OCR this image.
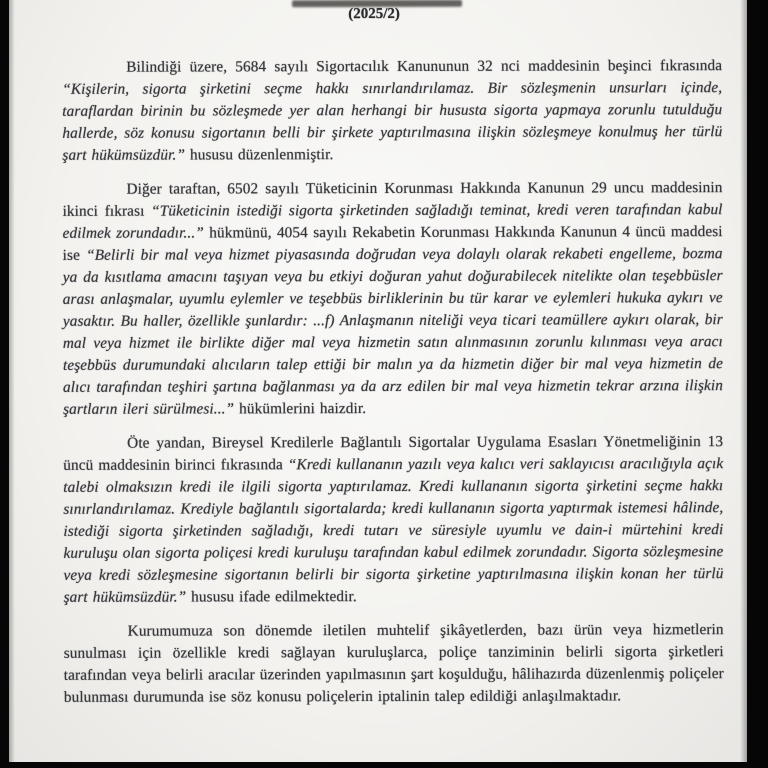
(2025/2)

Bilindiği üzere, 5684 sayılı Sigortacılık Kanununun 32 nci maddesinin beşinci fıkrasında “Kişilerin, sigorta şirketini seçme hakkı sınırlandırılamaz. Bir sözleşmenin unsurları içinde, taraflardan birinin bu sözleşmede yer alan herhangi bir hususta sigorta yapmaya zorunlu tutulduğu hallerde, söz konusu sigortanın belli bir şirkete yaptırılmasına ilişkin sözleşmeye konulmuş her türlü şart hükümsüzdür.” hususu düzenlenmiştir.

Diğer taraftan, 6502 sayılı Tüketicinin Korunması Hakkında Kanunun 29 uncu maddesinin ikinci fıkrası “Tüketicinin istediği sigorta şirketinden sağladığı teminat, kredi veren tarafından kabul edilmek zorundadır...” hükmünü, 4054 sayılı Rekabetin Korunması Hakkında Kanunun 4 üncü maddesi ise “Belirli bir mal veya hizmet piyasasında doğrudan veya dolaylı olarak rekabeti engelleme, bozma ya da kısıtlama amacını taşıyan veya bu etkiyi doğuran yahut doğurabilecek nitelikte olan teşebbüsler arası anlaşmalar, uyumlu eylemler ve teşebbüs birliklerinin bu tür karar ve eylemleri hukuka aykırı ve yasaktır. Bu haller, özellikle şunlardır: ...f) Anlaşmanın niteliği veya ticari teamüllere aykırı olarak, bir mal veya hizmet ile birlikte diğer mal veya hizmetin satın alınmasının zorunlu kılınması veya aracı teşebbüs durumundaki alıcıların talep ettiği bir malın ya da hizmetin diğer bir mal veya hizmetin de alıcı tarafından teşhiri şartına bağlanması ya da arz edilen bir mal veya hizmetin tekrar arzına ilişkin şartların ileri sürülmesi...” hükümlerini haizdir.

Öte yandan, Bireysel Kredilerle Bağlantılı Sigortalar Uygulama Esasları Yönetmeliğinin 13 üncü maddesinin birinci fıkrasında “Kredi kullananın yazılı veya kalıcı veri saklayıcısı aracılığıyla açık talebi olmaksızın kredi ile ilgili sigorta yaptırılamaz. Kredi kullananın sigorta şirketini seçme hakkı sınırlandırılamaz. Krediyle bağlantılı sigortalarda; kredi kullananın sigorta yaptırmak istemesi hâlinde, istediği sigorta şirketinden sağladığı, kredi tutarı ve süresiyle uyumlu ve dain-i mürtehini kredi kuruluşu olan sigorta poliçesi kredi kuruluşu tarafından kabul edilmek zorundadır. Sigorta sözleşmesine veya kredi sözleşmesine sigortanın belirli bir sigorta şirketine yaptırılmasına ilişkin konan her türlü şart hükümsüzdür.” hususu ifade edilmektedir.

Kurumumuza son dönemde iletilen muhtelif şikâyetlerden, bazı ürün veya hizmetlerin sunulması için özellikle kredi sağlayan kuruluşlarca, poliçe tanziminin belirli sigorta şirketleri tarafından veya belirli aracılar üzerinden yapılmasının şart koşulduğu, hâlihazırda düzenlenmiş poliçeler bulunması durumunda ise söz konusu poliçelerin iptalinin talep edildiği anlaşılmaktadır.
